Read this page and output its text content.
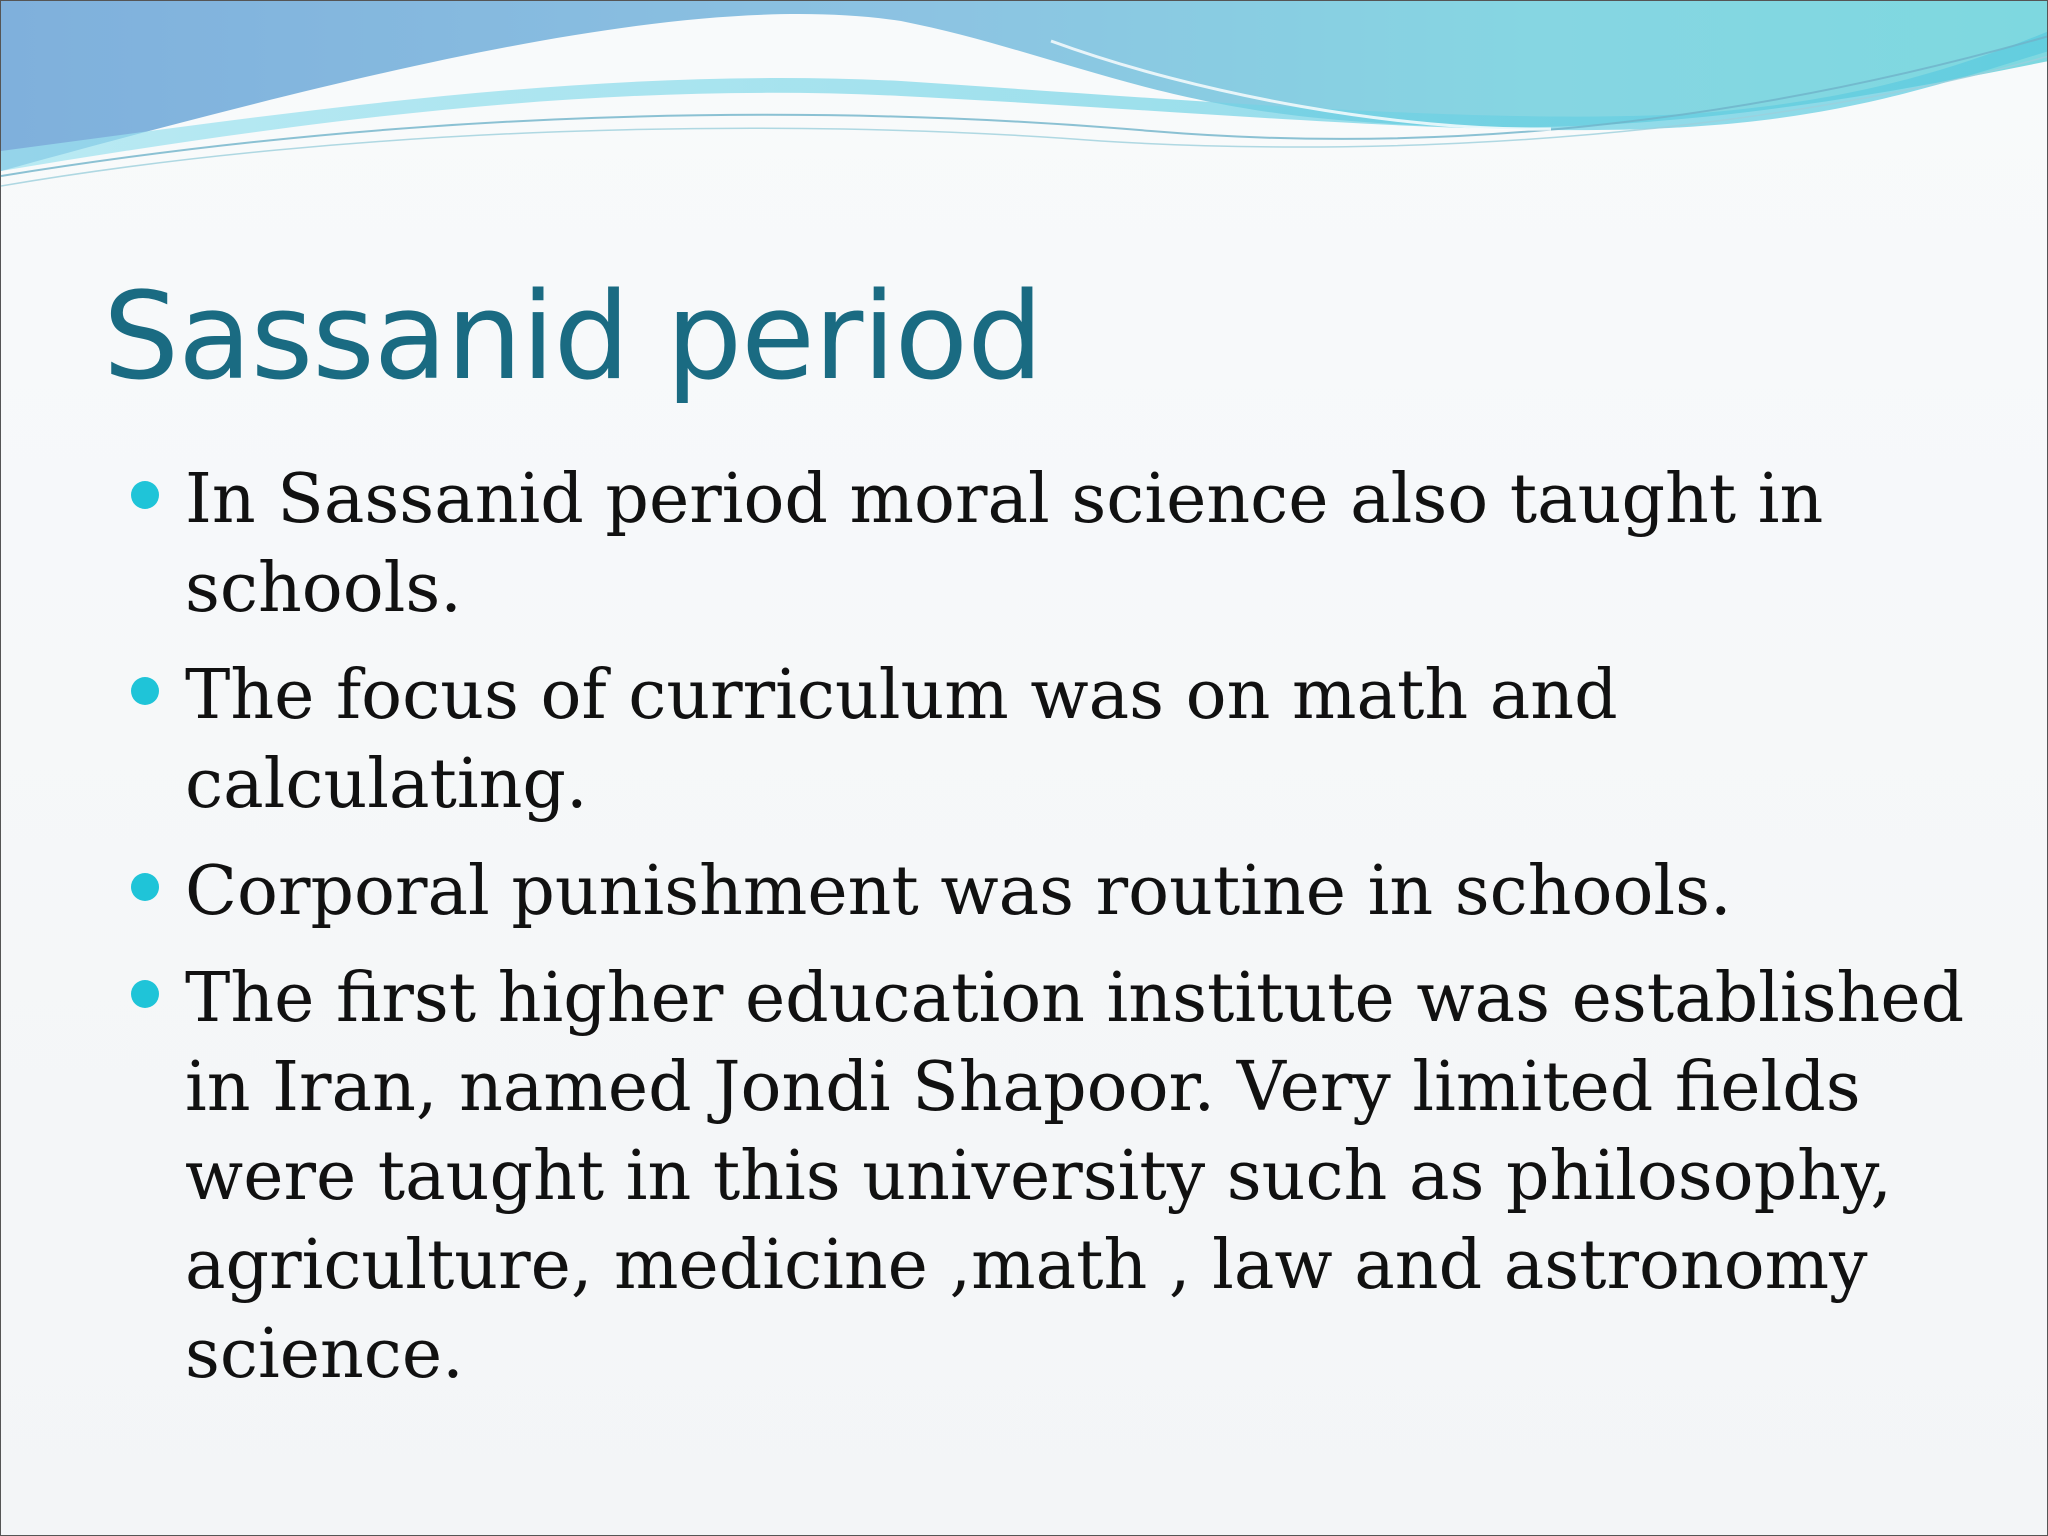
Sassanid period
In Sassanid period moral science also taught in schools.
The focus of curriculum was on math and calculating.
Corporal punishment was routine in schools.
The first higher education institute was established in Iran, named Jondi Shapoor. Very limited fields were taught in this university such as philosophy, agriculture, medicine ,math , law and astronomy science.
